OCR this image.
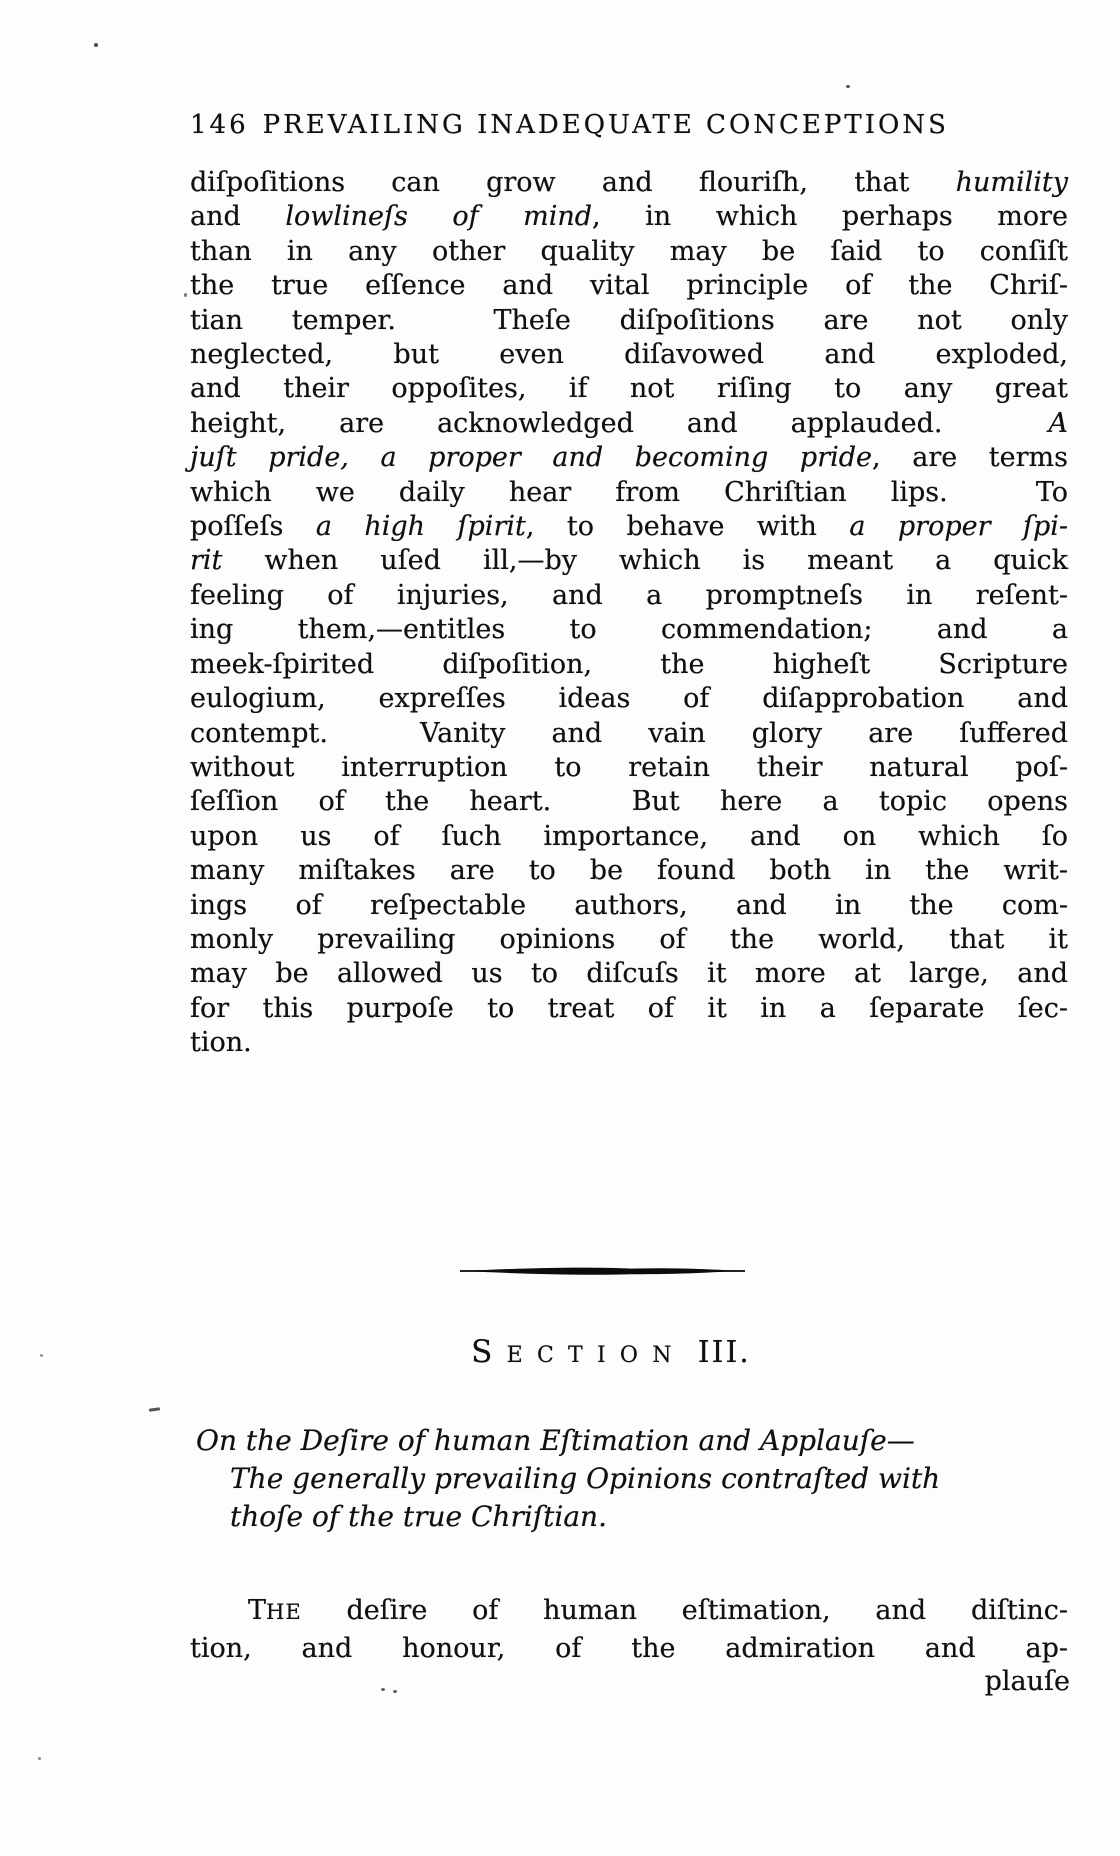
146 PREVAILING INADEQUATE CONCEPTIONS
diſpoſitions can grow and flouriſh, that humility
and lowlineſs of mind, in which perhaps more
than in any other quality may be ſaid to conſiſt
the true eſſence and vital principle of the Chriſ-
tian temper.  Theſe diſpoſitions are not only
neglected, but even diſavowed and exploded,
and their oppoſites, if not riſing to any great
height, are acknowledged and applauded.  A
juſt pride, a proper and becoming pride, are terms
which we daily hear from Chriſtian lips.  To
poſſeſs a high ſpirit, to behave with a proper ſpi-
rit when uſed ill,—by which is meant a quick
feeling of injuries, and a promptneſs in reſent-
ing them,—entitles to commendation; and a
meek-ſpirited diſpoſition, the higheſt Scripture
eulogium, expreſſes ideas of diſapprobation and
contempt.  Vanity and vain glory are ſuffered
without interruption to retain their natural poſ-
ſeſſion of the heart.  But here a topic opens
upon us of ſuch importance, and on which ſo
many miſtakes are to be found both in the writ-
ings of reſpectable authors, and in the com-
monly prevailing opinions of the world, that it
may be allowed us to diſcuſs it more at large, and
for this purpoſe to treat of it in a ſeparate ſec-
tion.
Section III.
On the Deſire of human Eſtimation and Applauſe—
The generally prevailing Opinions contraſted with
thoſe of the true Chriſtian.
THE deſire of human eſtimation, and diſtinc-
tion, and honour, of the admiration and ap-
plauſe
